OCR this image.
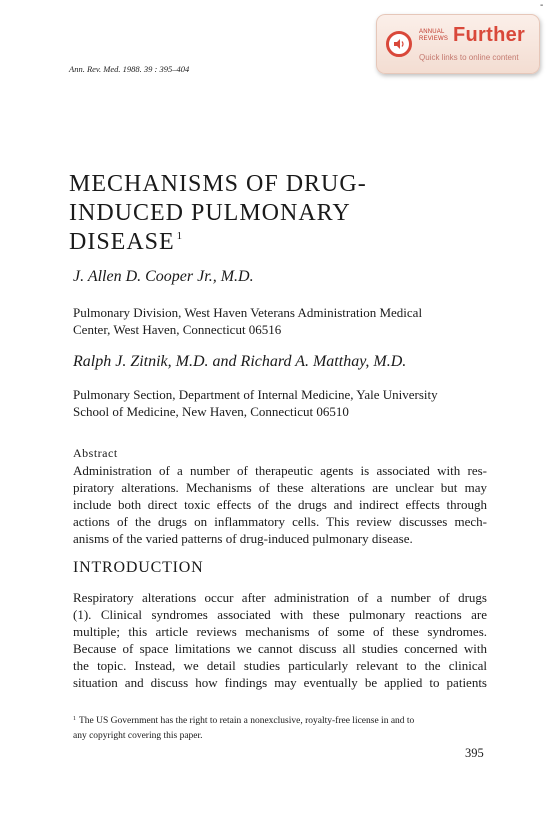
-
Ann. Rev. Med. 1988. 39 : 395–404
ANNUAL
REVIEWS Further
Quick links to online content
MECHANISMS OF DRUG-
INDUCED PULMONARY
DISEASE $^1$
J. Allen D. Cooper Jr., M.D.
Pulmonary Division, West Haven Veterans Administration Medical
Center, West Haven, Connecticut 06516
Ralph J. Zitnik, M.D. and Richard A. Matthay, M.D.
Pulmonary Section, Department of Internal Medicine, Yale University
School of Medicine, New Haven, Connecticut 06510
Abstract
Administration of a number of therapeutic agents is associated with res-
piratory alterations. Mechanisms of these alterations are unclear but may
include both direct toxic effects of the drugs and indirect effects through
actions of the drugs on inflammatory cells. This review discusses mech-
anisms of the varied patterns of drug-induced pulmonary disease.
INTRODUCTION
Respiratory alterations occur after administration of a number of drugs
(1). Clinical syndromes associated with these pulmonary reactions are
multiple; this article reviews mechanisms of some of these syndromes.
Because of space limitations we cannot discuss all studies concerned with
the topic. Instead, we detail studies particularly relevant to the clinical
situation and discuss how findings may eventually be applied to patients
$^1$ The US Government has the right to retain a nonexclusive, royalty-free license in and to
any copyright covering this paper.
395
